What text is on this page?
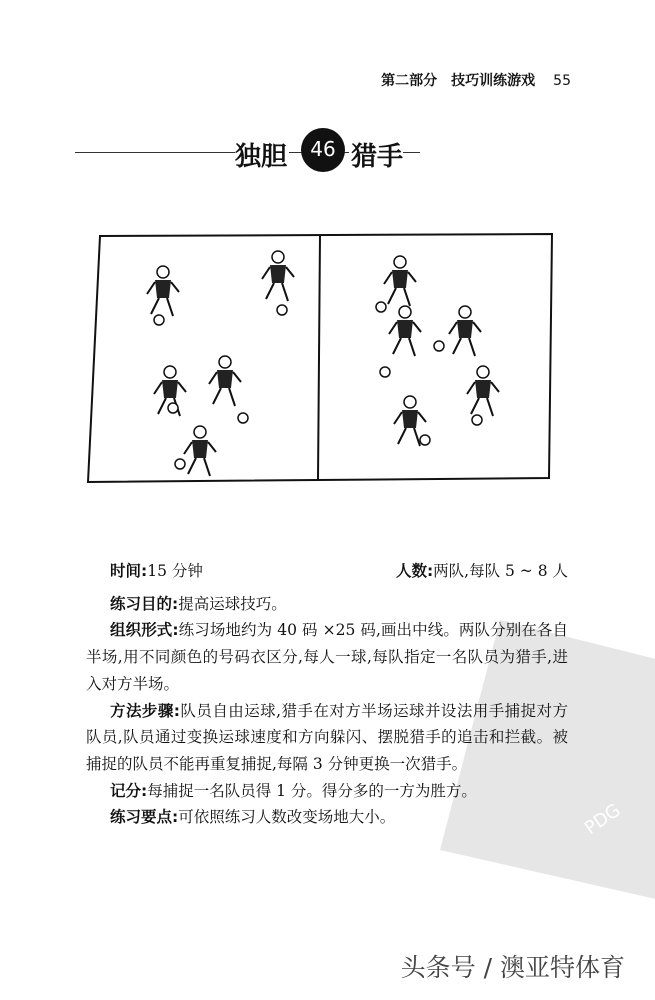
第二部分 技巧训练游戏 55
独胆	46 猎手
PDG
时间:15 分钟	人数:两队,每队 5 ~ 8 人
练习目的:提高运球技巧。
组织形式:练习场地约为 40 码 ×25 码,画出中线。两队分别在各自半场,用不同颜色的号码衣区分,每人一球,每队指定一名队员为猎手,进入对方半场。
方法步骤:队员自由运球,猎手在对方半场运球并设法用手捕捉对方队员,队员通过变换运球速度和方向躲闪、摆脱猎手的追击和拦截。被捕捉的队员不能再重复捕捉,每隔 3 分钟更换一次猎手。
记分:每捕捉一名队员得 1 分。得分多的一方为胜方。
练习要点:可依照练习人数改变场地大小。
头条号 / 澳亚特体育
